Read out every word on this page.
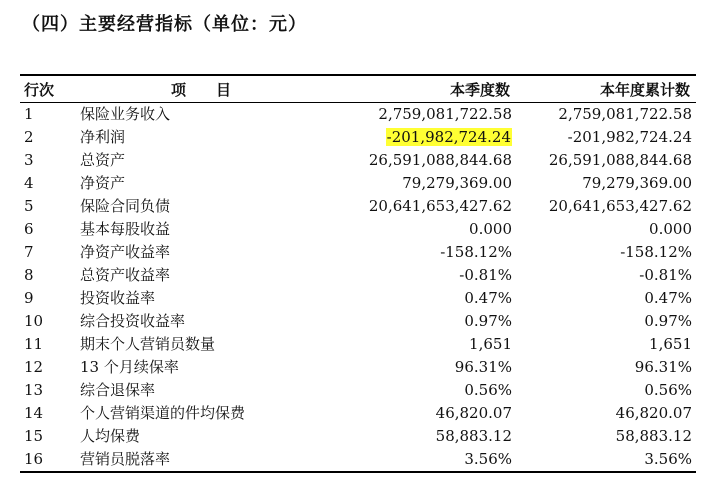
（四）主要经营指标（单位：元）
行次	项　　目	本季度数	本年度累计数
1	保险业务收入	2,759,081,722.58	2,759,081,722.58
2	净利润	-201,982,724.24	-201,982,724.24
3	总资产	26,591,088,844.68	26,591,088,844.68
4	净资产	79,279,369.00	79,279,369.00
5	保险合同负债	20,641,653,427.62	20,641,653,427.62
6	基本每股收益	0.000	0.000
7	净资产收益率	-158.12%	-158.12%
8	总资产收益率	-0.81%	-0.81%
9	投资收益率	0.47%	0.47%
10	综合投资收益率	0.97%	0.97%
11	期末个人营销员数量	1,651	1,651
12	13 个月续保率	96.31%	96.31%
13	综合退保率	0.56%	0.56%
14	个人营销渠道的件均保费	46,820.07	46,820.07
15	人均保费	58,883.12	58,883.12
16	营销员脱落率	3.56%	3.56%
